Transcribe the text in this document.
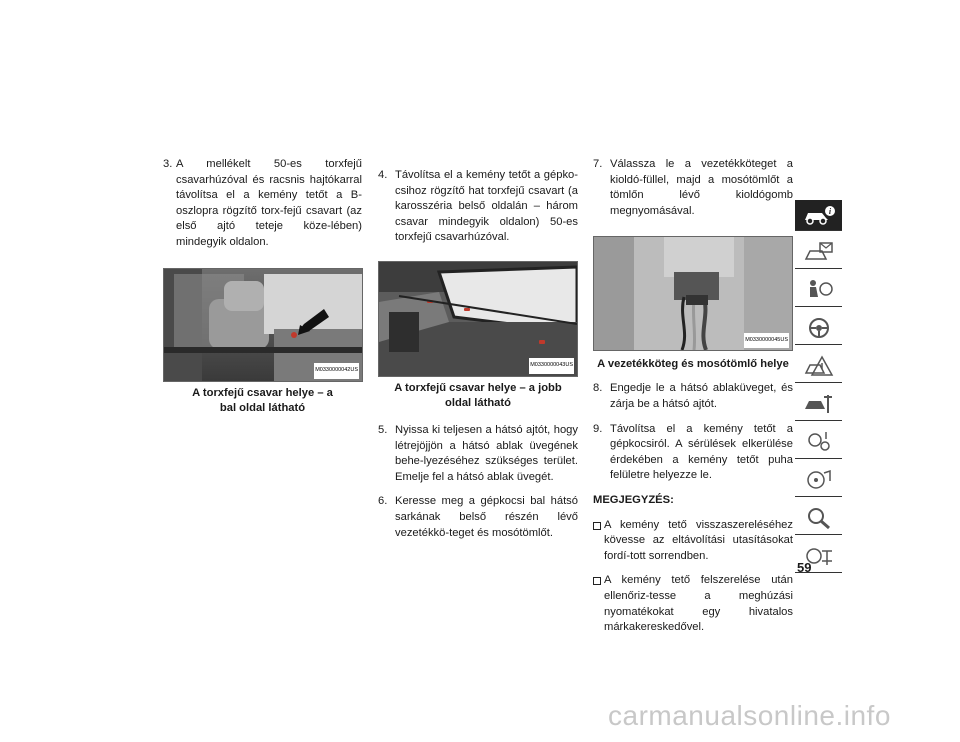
3. A mellékelt 50-es torxfejű csavarhúzóval és racsnis hajtókarral távolítsa el a kemény tetőt a B-oszlopra rögzítő torx-fejű csavart (az első ajtó teteje köze-lében) mindegyik oldalon.
M0330000042US
A torxfejű csavar helye – a bal oldal látható
4. Távolítsa el a kemény tetőt a gépko-csihoz rögzítő hat torxfejű csavart (a karosszéria belső oldalán – három csavar mindegyik oldalon) 50-es torxfejű csavarhúzóval.
M0330000043US
A torxfejű csavar helye – a jobb oldal látható
5. Nyissa ki teljesen a hátsó ajtót, hogy létrejöjjön a hátsó ablak üvegének behe-lyezéséhez szükséges terület. Emelje fel a hátsó ablak üvegét.
6. Keresse meg a gépkocsi bal hátsó sarkának belső részén lévő vezetékkö-teget és mosótömlőt.
7. Válassza le a vezetékköteget a kioldó-füllel, majd a mosótömlőt a tömlőn lévő kioldógomb megnyomásával.
M0330000045US
A vezetékköteg és mosótömlő helye
8. Engedje le a hátsó ablaküveget, és zárja be a hátsó ajtót.
9. Távolítsa el a kemény tetőt a gépkocsiról. A sérülések elkerülése érdekében a kemény tetőt puha felületre helyezze le.
MEGJEGYZÉS:
A kemény tető visszaszereléséhez kövesse az eltávolítási utasításokat fordí-tott sorrendben.
A kemény tető felszerelése után ellenőriz-tesse a meghúzási nyomatékokat egy hivatalos márkakereskedővel.
i
59
carmanualsonline.info
